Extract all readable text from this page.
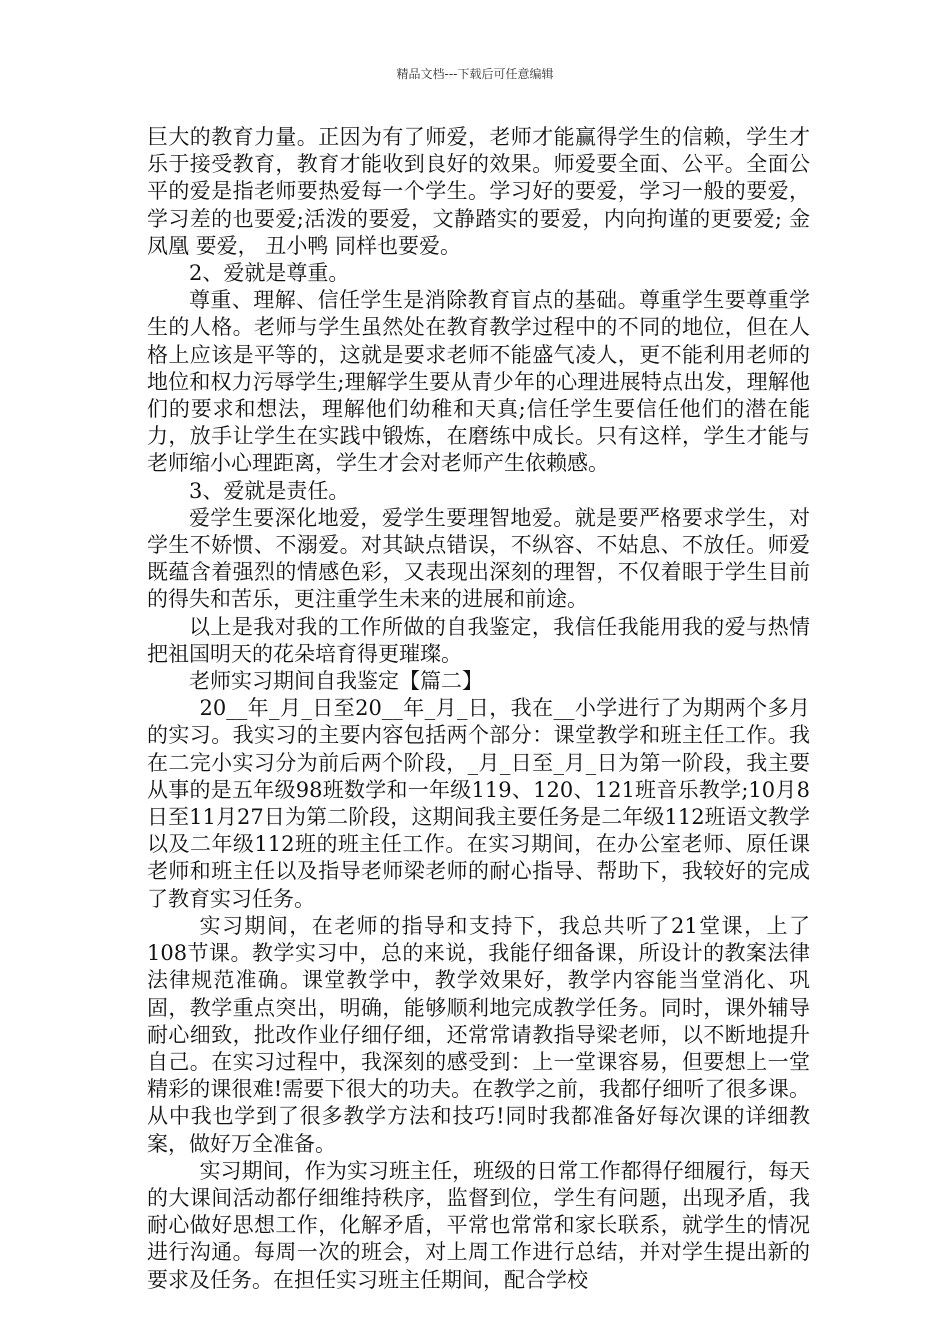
精品文档---下载后可任意编辑

巨大的教育力量。正因为有了师爱，老师才能赢得学生的信赖，学生才乐于接受教育，教育才能收到良好的效果。师爱要全面、公平。全面公平的爱是指老师要热爱每一个学生。学习好的要爱，学习一般的要爱，学习差的也要爱;活泼的要爱，文静踏实的要爱，内向拘谨的更要爱; 金凤凰 要爱， 丑小鸭 同样也要爱。

2、爱就是尊重。

尊重、理解、信任学生是消除教育盲点的基础。尊重学生要尊重学生的人格。老师与学生虽然处在教育教学过程中的不同的地位，但在人格上应该是平等的，这就是要求老师不能盛气凌人，更不能利用老师的地位和权力污辱学生;理解学生要从青少年的心理进展特点出发，理解他们的要求和想法，理解他们幼稚和天真;信任学生要信任他们的潜在能力，放手让学生在实践中锻炼，在磨练中成长。只有这样，学生才能与老师缩小心理距离，学生才会对老师产生依赖感。

3、爱就是责任。

爱学生要深化地爱，爱学生要理智地爱。就是要严格要求学生，对学生不娇惯、不溺爱。对其缺点错误，不纵容、不姑息、不放任。师爱既蕴含着强烈的情感色彩，又表现出深刻的理智，不仅着眼于学生目前的得失和苦乐，更注重学生未来的进展和前途。

以上是我对我的工作所做的自我鉴定，我信任我能用我的爱与热情把祖国明天的花朵培育得更璀璨。

老师实习期间自我鉴定【篇二】

20__年_月_日至20__年_月_日，我在__小学进行了为期两个多月的实习。我实习的主要内容包括两个部分：课堂教学和班主任工作。我在二完小实习分为前后两个阶段，_月_日至_月_日为第一阶段，我主要从事的是五年级98班数学和一年级119、120、121班音乐教学;10月8日至11月27日为第二阶段，这期间我主要任务是二年级112班语文教学以及二年级112班的班主任工作。在实习期间，在办公室老师、原任课老师和班主任以及指导老师梁老师的耐心指导、帮助下，我较好的完成了教育实习任务。

实习期间，在老师的指导和支持下，我总共听了21堂课，上了108节课。教学实习中，总的来说，我能仔细备课，所设计的教案法律法律规范准确。课堂教学中，教学效果好，教学内容能当堂消化、巩固，教学重点突出，明确，能够顺利地完成教学任务。同时，课外辅导耐心细致，批改作业仔细仔细，还常常请教指导梁老师，以不断地提升自己。在实习过程中，我深刻的感受到：上一堂课容易，但要想上一堂精彩的课很难!需要下很大的功夫。在教学之前，我都仔细听了很多课。从中我也学到了很多教学方法和技巧!同时我都准备好每次课的详细教案，做好万全准备。

实习期间，作为实习班主任，班级的日常工作都得仔细履行，每天的大课间活动都仔细维持秩序，监督到位，学生有问题，出现矛盾，我耐心做好思想工作，化解矛盾，平常也常常和家长联系，就学生的情况进行沟通。每周一次的班会，对上周工作进行总结，并对学生提出新的要求及任务。在担任实习班主任期间，配合学校
